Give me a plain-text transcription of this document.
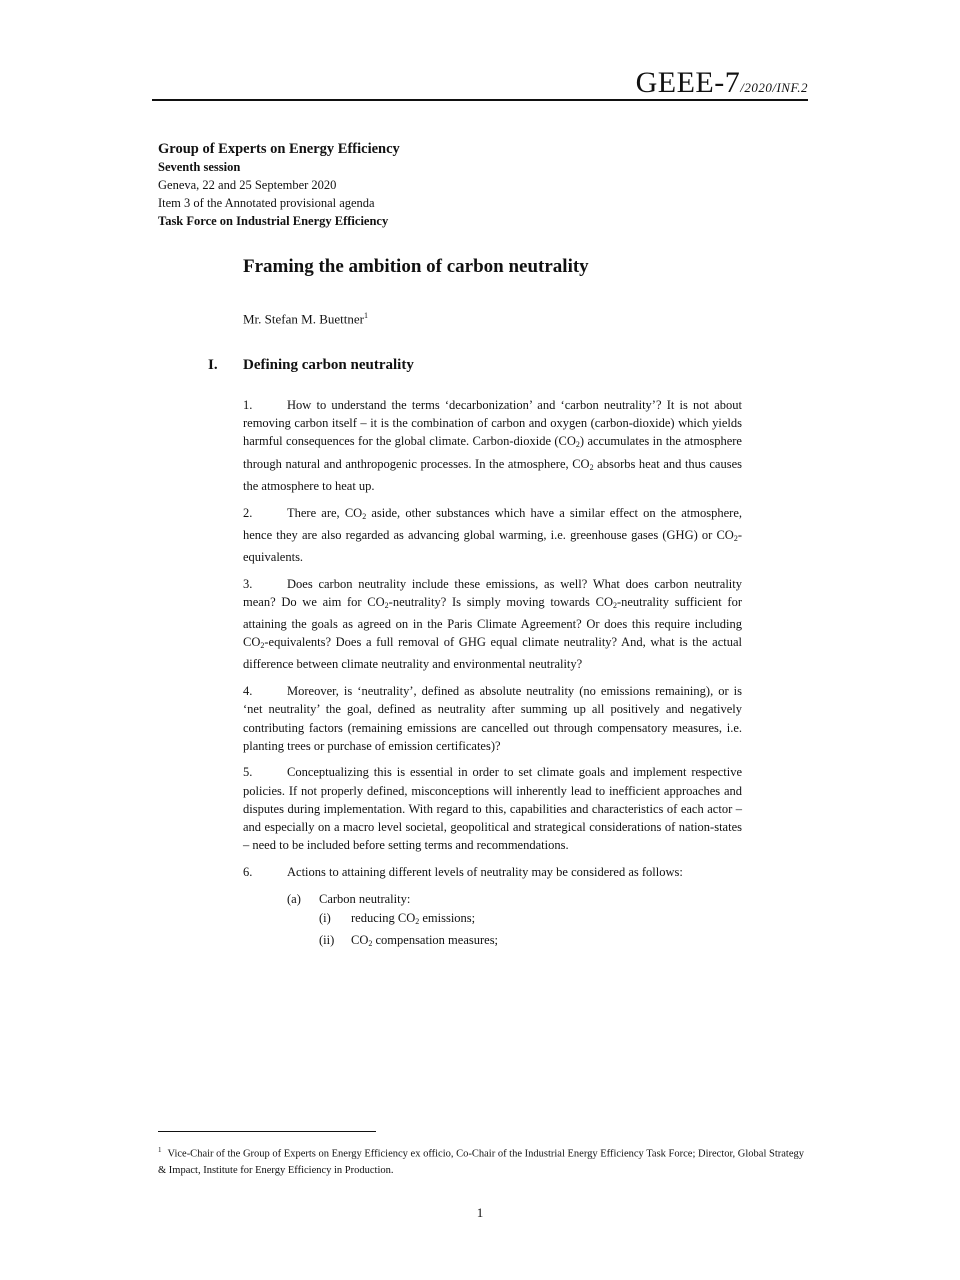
GEEE-7/2020/INF.2
Group of Experts on Energy Efficiency
Seventh session
Geneva, 22 and 25 September 2020
Item 3 of the Annotated provisional agenda
Task Force on Industrial Energy Efficiency
Framing the ambition of carbon neutrality
Mr. Stefan M. Buettner$^1$
I. Defining carbon neutrality

1.	How to understand the terms ‘decarbonization’ and ‘carbon neutrality’? It is not about removing carbon itself – it is the combination of carbon and oxygen (carbon-dioxide) which yields harmful consequences for the global climate. Carbon-dioxide $(CO_2)$ accumulates in the atmosphere through natural and anthropogenic processes. In the atmosphere, $CO_2$ absorbs heat and thus causes the atmosphere to heat up.

2.	There are, $CO_2$ aside, other substances which have a similar effect on the atmosphere, hence they are also regarded as advancing global warming, i.e. greenhouse gases (GHG) or $CO_2$-equivalents.

3.	Does carbon neutrality include these emissions, as well? What does carbon neutrality mean? Do we aim for $CO_2$-neutrality? Is simply moving towards $CO_2$-neutrality sufficient for attaining the goals as agreed on in the Paris Climate Agreement? Or does this require including $CO_2$-equivalents? Does a full removal of GHG equal climate neutrality? And, what is the actual difference between climate neutrality and environmental neutrality?

4.	Moreover, is ‘neutrality’, defined as absolute neutrality (no emissions remaining), or is ‘net neutrality’ the goal, defined as neutrality after summing up all positively and negatively contributing factors (remaining emissions are cancelled out through compensatory measures, i.e. planting trees or purchase of emission certificates)?

5.	Conceptualizing this is essential in order to set climate goals and implement respective policies. If not properly defined, misconceptions will inherently lead to inefficient approaches and disputes during implementation. With regard to this, capabilities and characteristics of each actor – and especially on a macro level societal, geopolitical and strategical considerations of nation-states – need to be included before setting terms and recommendations.

6.	Actions to attaining different levels of neutrality may be considered as follows:

(a)	Carbon neutrality:
(i)	reducing $CO_2$ emissions;
(ii)	$CO_2$ compensation measures;
$^1$ Vice-Chair of the Group of Experts on Energy Efficiency ex officio, Co-Chair of the Industrial Energy Efficiency Task Force; Director, Global Strategy & Impact, Institute for Energy Efficiency in Production.
1
